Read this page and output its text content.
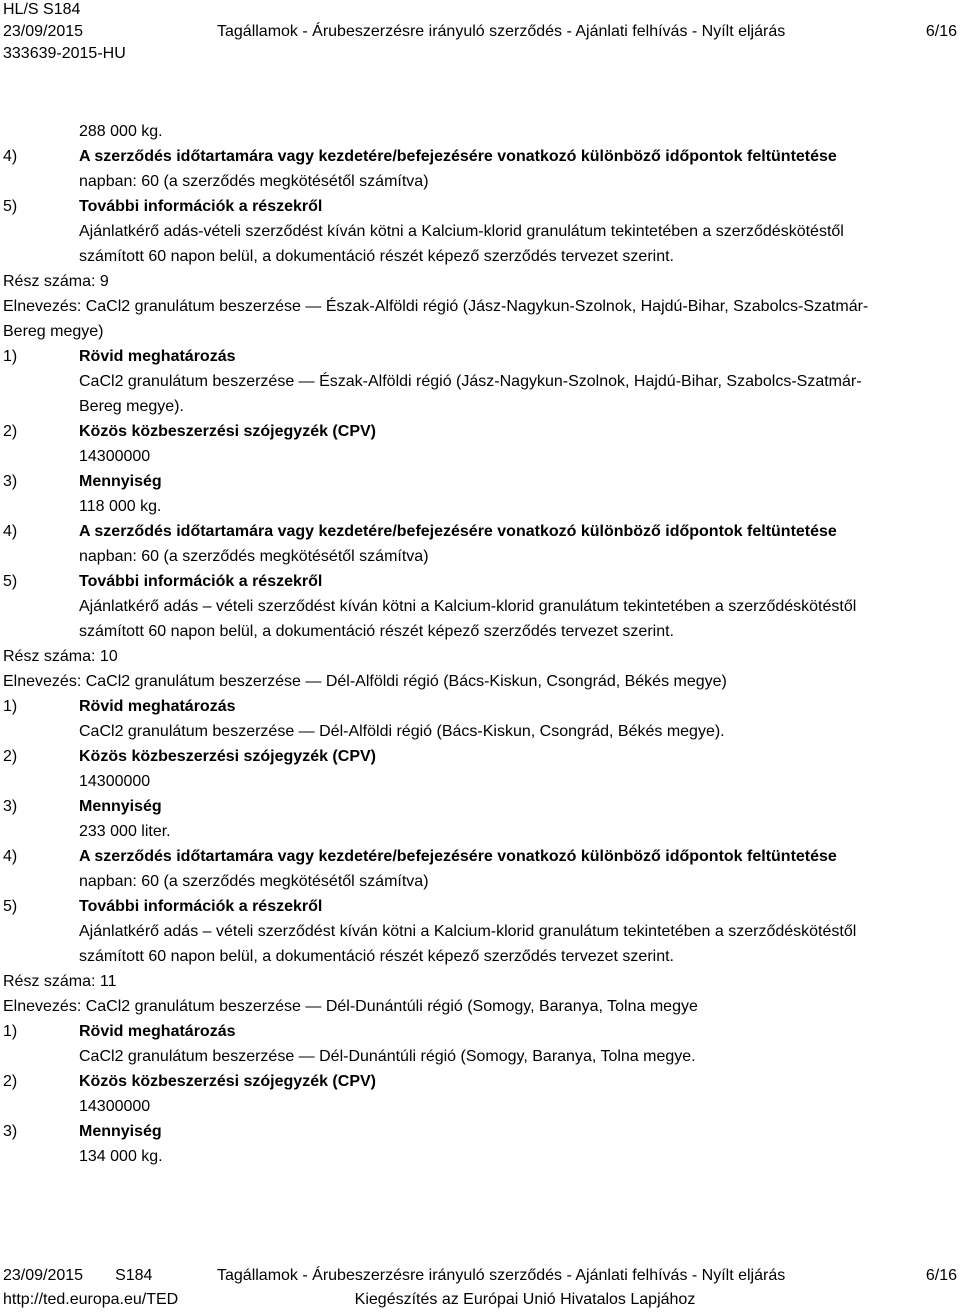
HL/S S184
23/09/2015
333639-2015-HU
Tagállamok - Árubeszerzésre irányuló szerződés - Ajánlati felhívás - Nyílt eljárás	6/16
288 000 kg.
4)	A szerződés időtartamára vagy kezdetére/befejezésére vonatkozó különböző időpontok feltüntetése
napban: 60 (a szerződés megkötésétől számítva)
5)	További információk a részekről
Ajánlatkérő adás-vételi szerződést kíván kötni a Kalcium-klorid granulátum tekintetében a szerződéskötéstől
számított 60 napon belül, a dokumentáció részét képező szerződés tervezet szerint.
Rész száma: 9
Elnevezés: CaCl2 granulátum beszerzése — Észak-Alföldi régió (Jász-Nagykun-Szolnok, Hajdú-Bihar, Szabolcs-Szatmár-
Bereg megye)
1)	Rövid meghatározás
CaCl2 granulátum beszerzése — Észak-Alföldi régió (Jász-Nagykun-Szolnok, Hajdú-Bihar, Szabolcs-Szatmár-
Bereg megye).
2)	Közös közbeszerzési szójegyzék (CPV)
14300000
3)	Mennyiség
118 000 kg.
4)	A szerződés időtartamára vagy kezdetére/befejezésére vonatkozó különböző időpontok feltüntetése
napban: 60 (a szerződés megkötésétől számítva)
5)	További információk a részekről
Ajánlatkérő adás – vételi szerződést kíván kötni a Kalcium-klorid granulátum tekintetében a szerződéskötéstől
számított 60 napon belül, a dokumentáció részét képező szerződés tervezet szerint.
Rész száma: 10
Elnevezés: CaCl2 granulátum beszerzése — Dél-Alföldi régió (Bács-Kiskun, Csongrád, Békés megye)
1)	Rövid meghatározás
CaCl2 granulátum beszerzése — Dél-Alföldi régió (Bács-Kiskun, Csongrád, Békés megye).
2)	Közös közbeszerzési szójegyzék (CPV)
14300000
3)	Mennyiség
233 000 liter.
4)	A szerződés időtartamára vagy kezdetére/befejezésére vonatkozó különböző időpontok feltüntetése
napban: 60 (a szerződés megkötésétől számítva)
5)	További információk a részekről
Ajánlatkérő adás – vételi szerződést kíván kötni a Kalcium-klorid granulátum tekintetében a szerződéskötéstől
számított 60 napon belül, a dokumentáció részét képező szerződés tervezet szerint.
Rész száma: 11
Elnevezés: CaCl2 granulátum beszerzése — Dél-Dunántúli régió (Somogy, Baranya, Tolna megye
1)	Rövid meghatározás
CaCl2 granulátum beszerzése — Dél-Dunántúli régió (Somogy, Baranya, Tolna megye.
2)	Közös közbeszerzési szójegyzék (CPV)
14300000
3)	Mennyiség
134 000 kg.
23/09/2015 S184
http://ted.europa.eu/TED
Tagállamok - Árubeszerzésre irányuló szerződés - Ajánlati felhívás - Nyílt eljárás
Kiegészítés az Európai Unió Hivatalos Lapjához
6/16
